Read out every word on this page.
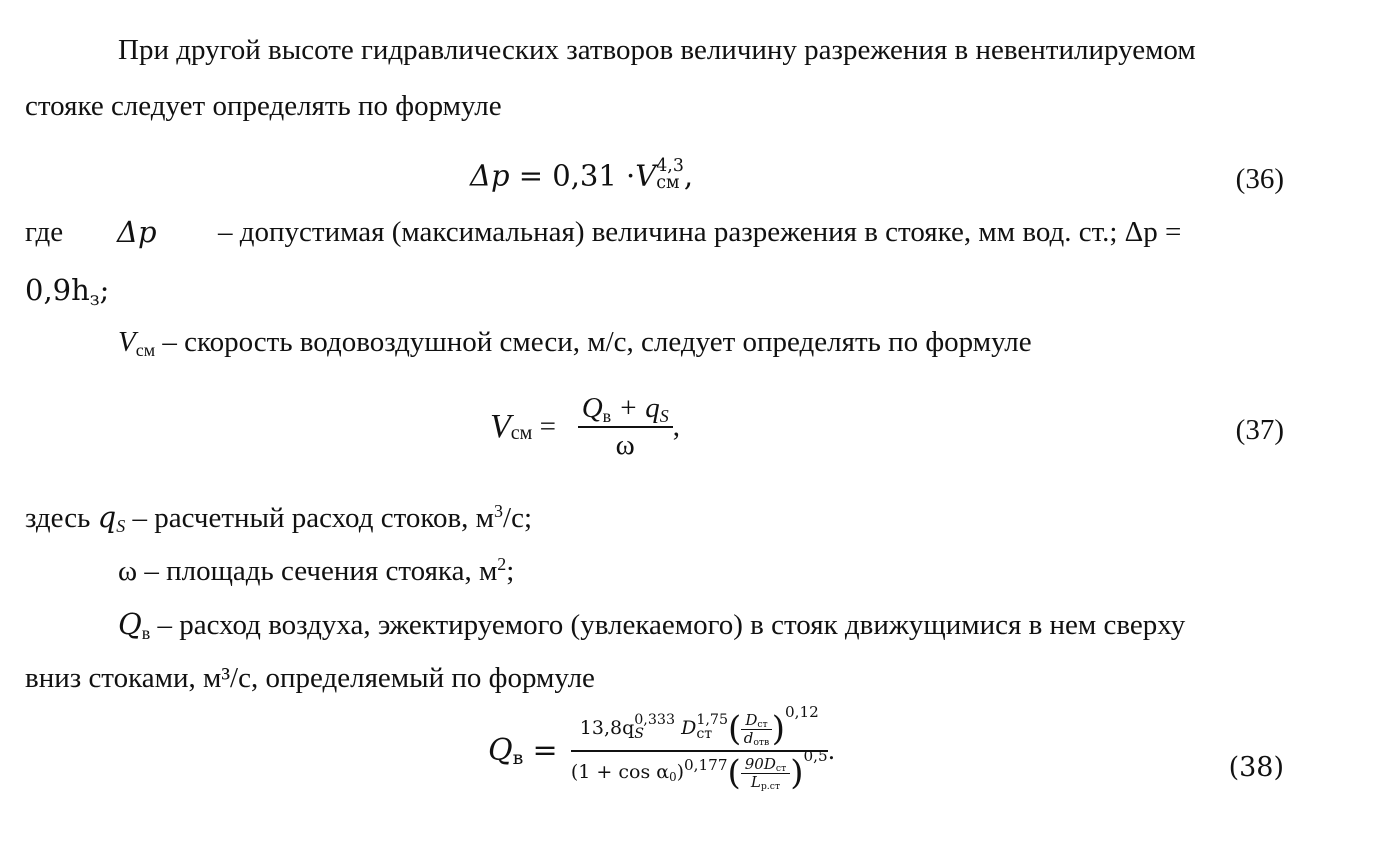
При другой высоте гидравлических затворов величину разрежения в невентилируемом
стояке следует определять по формуле
Δp = 0,31 ·V 4,3
см ,	(36)
где Δp – допустимая (максимальная) величина разрежения в стояке, мм вод. ст.; Δp =
$0,9h_з$;
$V_{см}$ – скорость водовоздушной смеси, м/с, следует определять по формуле
$V_{см} = \frac{Q_в + q_S}{\omega}$ ,	(37)
здесь $q_S$ – расчетный расход стоков, $м^3/с$;
ω – площадь сечения стояка, $м^2$;
$Q_в$ – расход воздуха, эжектируемого (увлекаемого) в стояк движущимися в нем сверху
вниз стоками, м³/с, определяемый по формуле
$Q_в = 13,8q$ 0,333
S	D 1,75
ст ( $\frac{D_{ст}}{d_{отв}} )^{0,12}$
$(1 + \cos \alpha_0)^{0,177}( \frac{90D_{ст}}{L_{р.ст}} )^{0,5}$ .
(38)
